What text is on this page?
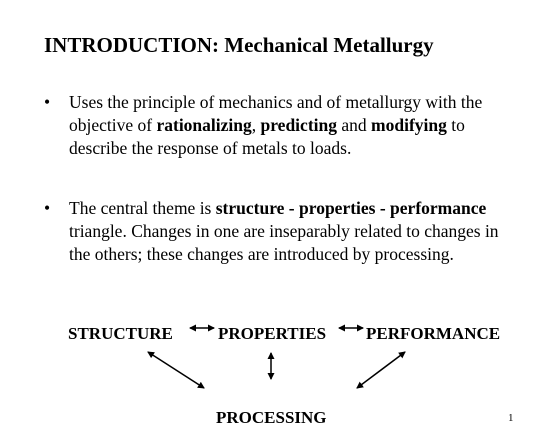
INTRODUCTION: Mechanical Metallurgy
• Uses the principle of mechanics and of metallurgy with the objective of rationalizing, predicting and modifying to describe the response of metals to loads.
• The central theme is structure - properties - performance triangle. Changes in one are inseparably related to changes in the others; these changes are introduced by processing.
STRUCTURE	PROPERTIES PERFORMANCE
PROCESSING	1
